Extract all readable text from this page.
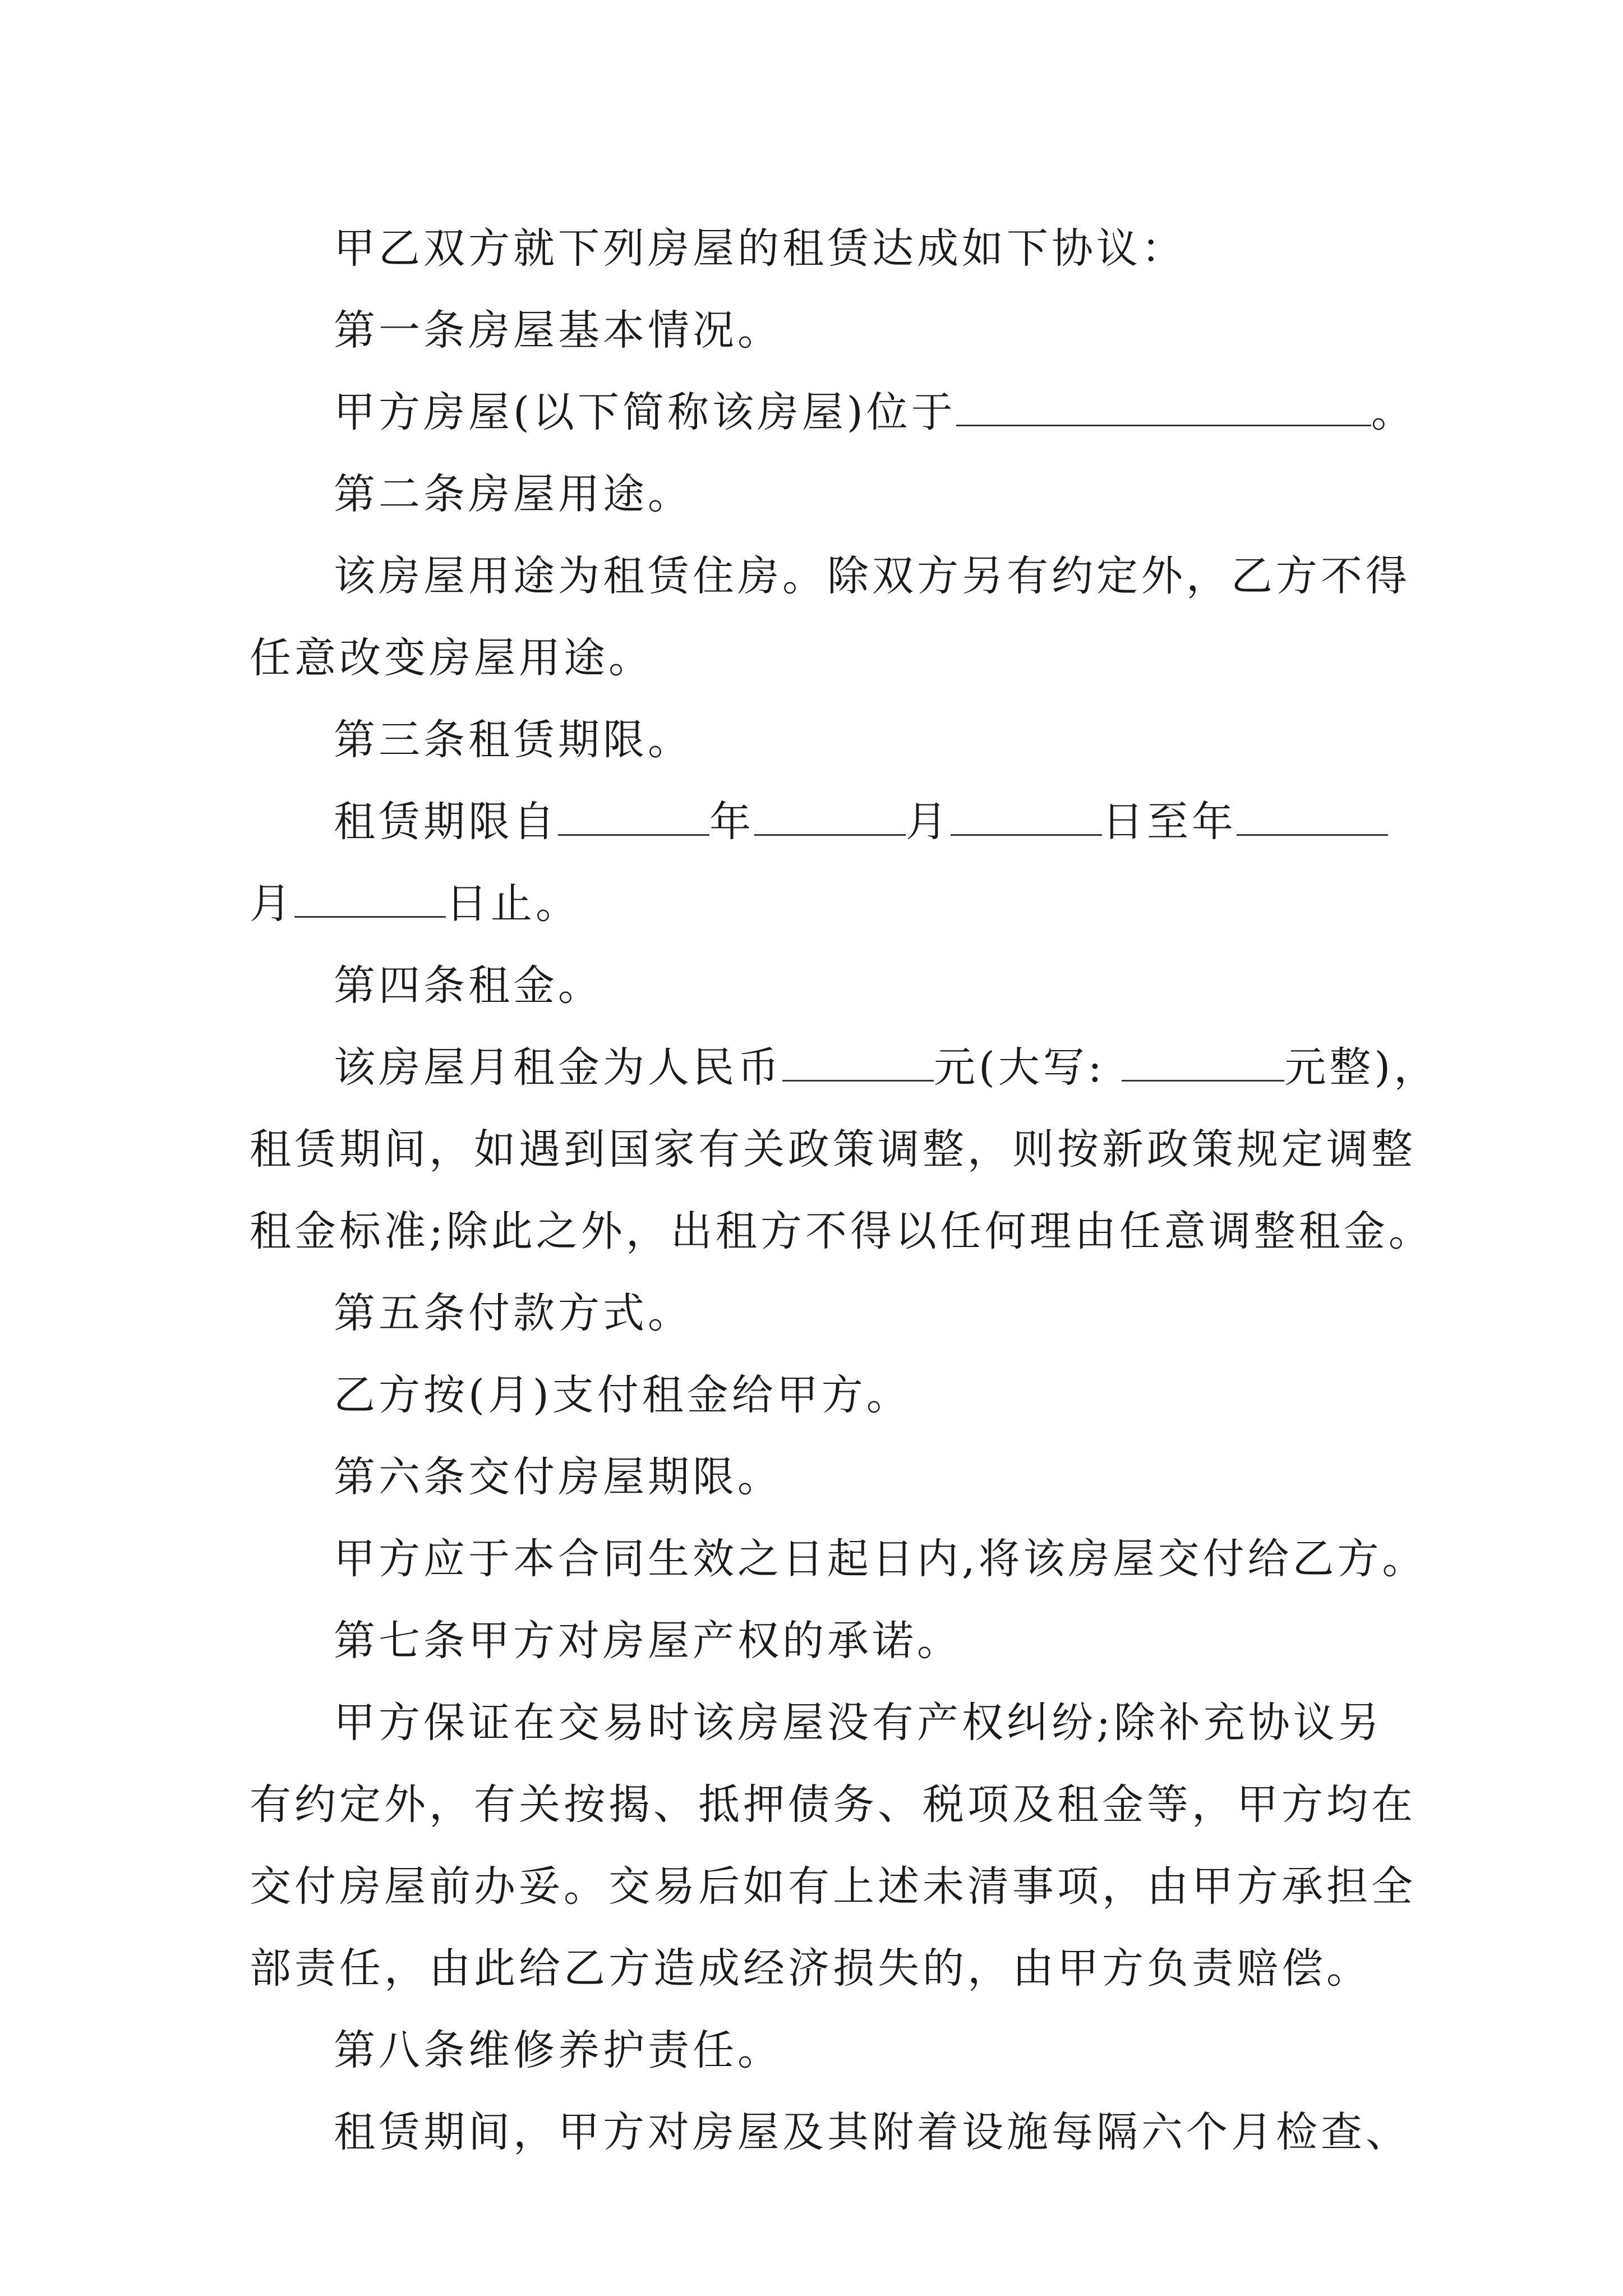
甲乙双方就下列房屋的租赁达成如下协议：
第一条房屋基本情况。
甲方房屋(以下简称该房屋)位于	。
第二条房屋用途。
该房屋用途为租赁住房。除双方另有约定外，乙方不得
任意改变房屋用途。
第三条租赁期限。
租赁期限自	年	月	日至年
月	日止。
第四条租金。
该房屋月租金为人民币	元(大写:	元整)，
租赁期间，如遇到国家有关政策调整，则按新政策规定调整
租金标准;除此之外，出租方不得以任何理由任意调整租金。
第五条付款方式。
乙方按(月)支付租金给甲方。
第六条交付房屋期限。
甲方应于本合同生效之日起日内,将该房屋交付给乙方。
第七条甲方对房屋产权的承诺。
甲方保证在交易时该房屋没有产权纠纷;除补充协议另
有约定外，有关按揭、抵押债务、税项及租金等，甲方均在
交付房屋前办妥。交易后如有上述未清事项，由甲方承担全
部责任，由此给乙方造成经济损失的，由甲方负责赔偿。
第八条维修养护责任。
租赁期间，甲方对房屋及其附着设施每隔六个月检查、
